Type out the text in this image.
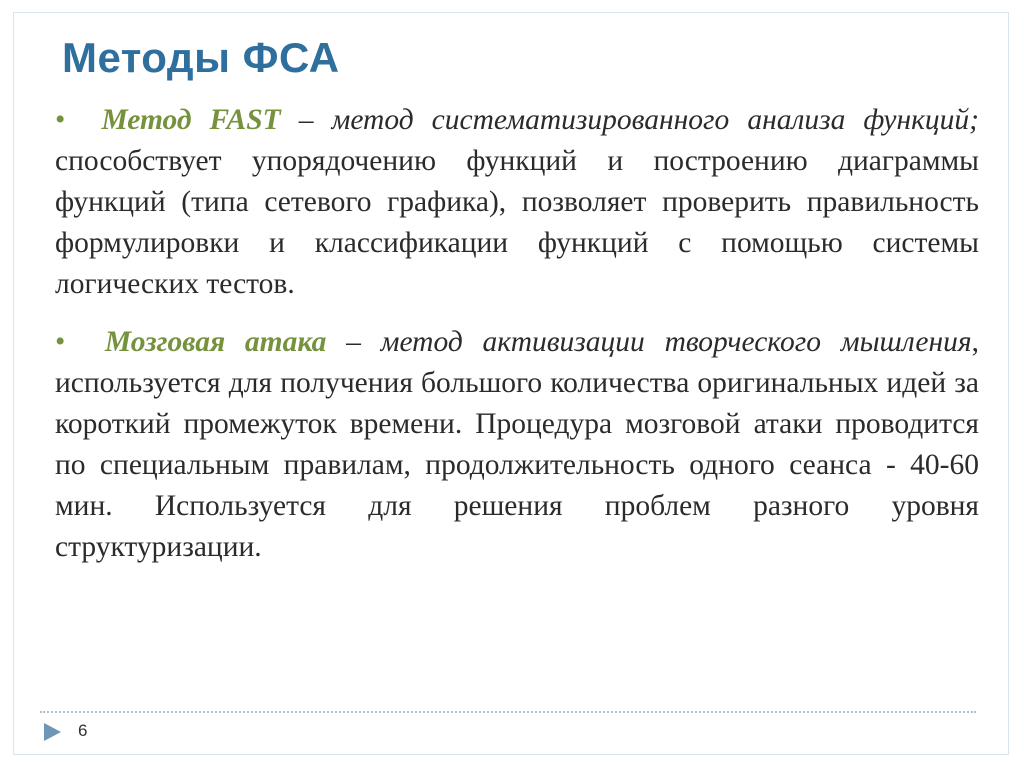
Методы ФСА

• Метод FAST – метод систематизированного анализа функций; способствует упорядочению функций и построению диаграммы функций (типа сетевого графика), позволяет проверить правильность формулировки и классификации функций с помощью системы логических тестов.

• Мозговая атака – метод активизации творческого мышления, используется для получения большого количества оригинальных идей за короткий промежуток времени. Процедура мозговой атаки проводится по специальным правилам, продолжительность одного сеанса - 40-60 мин. Используется для решения проблем разного уровня структуризации.

6
